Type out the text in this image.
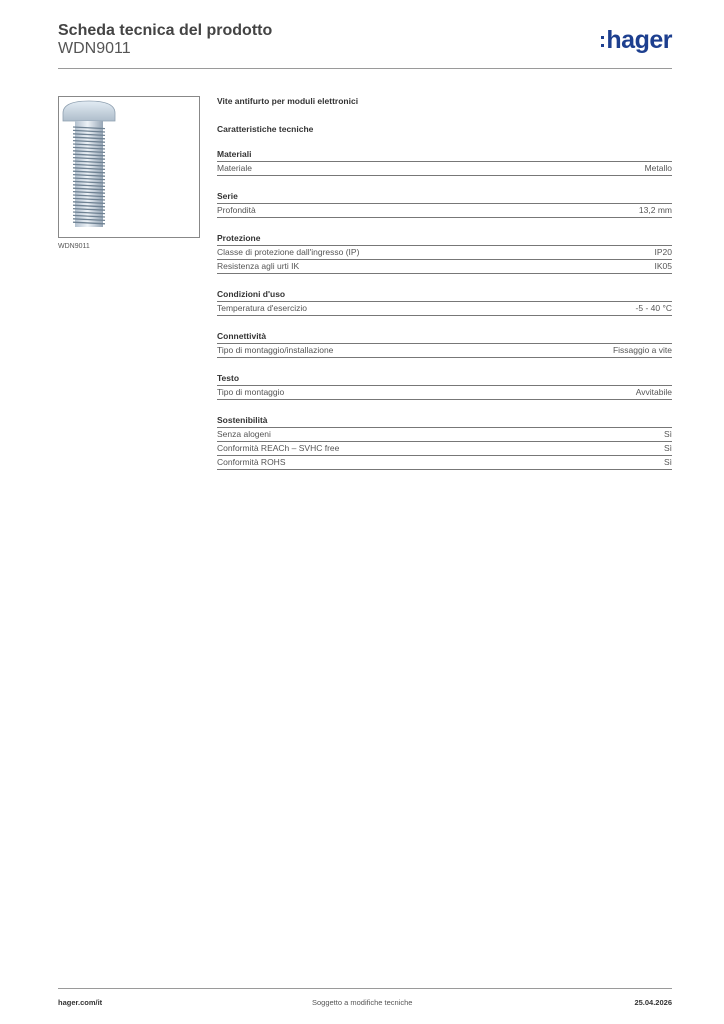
Scheda tecnica del prodotto
WDN9011	hager
WDN9011

Vite antifurto per moduli elettronici

Caratteristiche tecniche

Materiali
Materiale	Metallo
Serie
Profondità	13,2 mm
Protezione
Classe di protezione dall'ingresso (IP)	IP20
Resistenza agli urti IK	IK05
Condizioni d'uso
Temperatura d'esercizio	-5 - 40 °C
Connettività
Tipo di montaggio/installazione	Fissaggio a vite
Testo
Tipo di montaggio	Avvitabile
Sostenibilità
Senza alogeni	Sì
Conformità REACh – SVHC free	Sì
Conformità ROHS	Sì
hager.com/it	Soggetto a modifiche tecniche	25.04.2026
